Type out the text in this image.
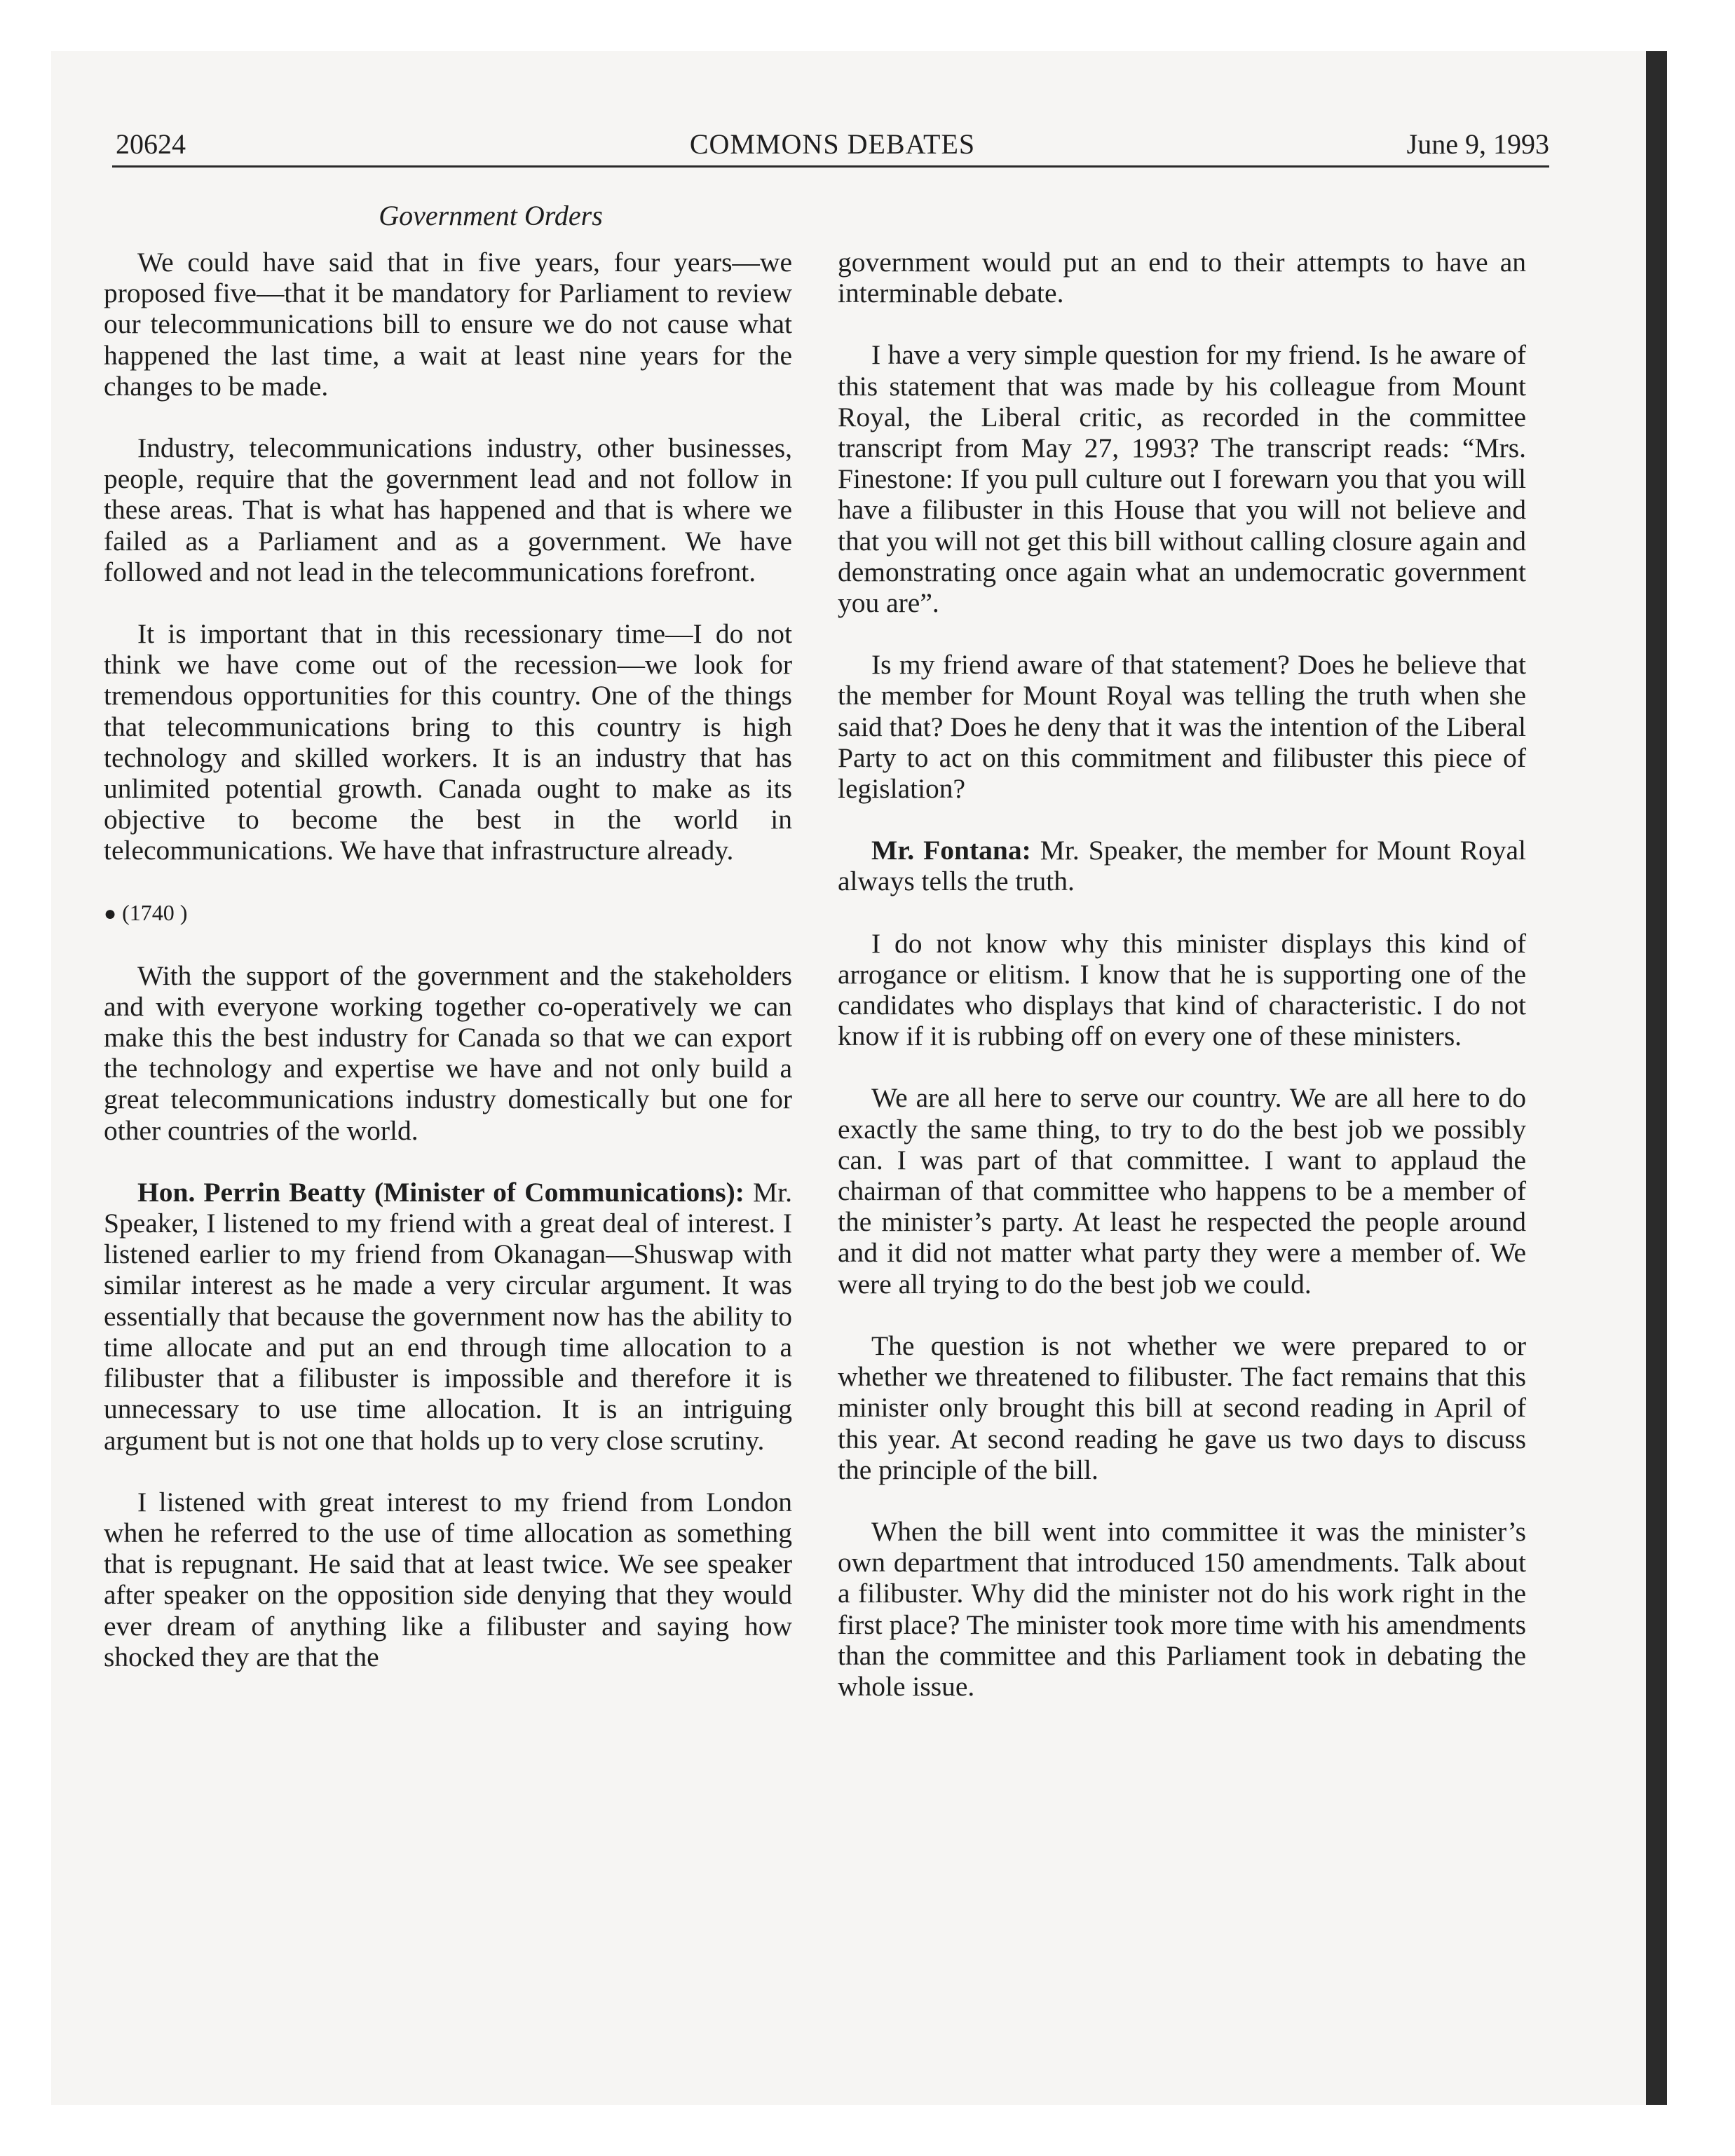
20624	COMMONS DEBATES	June 9, 1993
Government Orders

We could have said that in five years, four years—we proposed five—that it be mandatory for Parliament to review our telecommunications bill to ensure we do not cause what happened the last time, a wait at least nine years for the changes to be made.

Industry, telecommunications industry, other businesses, people, require that the government lead and not follow in these areas. That is what has happened and that is where we failed as a Parliament and as a government. We have followed and not lead in the telecommunications forefront.

It is important that in this recessionary time—I do not think we have come out of the recession—we look for tremendous opportunities for this country. One of the things that telecommunications bring to this country is high technology and skilled workers. It is an industry that has unlimited potential growth. Canada ought to make as its objective to become the best in the world in telecommunications. We have that infrastructure already.

● (1740 )

With the support of the government and the stakeholders and with everyone working together co-operatively we can make this the best industry for Canada so that we can export the technology and expertise we have and not only build a great telecommunications industry domestically but one for other countries of the world.

Hon. Perrin Beatty (Minister of Communications): Mr. Speaker, I listened to my friend with a great deal of interest. I listened earlier to my friend from Okanagan—Shuswap with similar interest as he made a very circular argument. It was essentially that because the government now has the ability to time allocate and put an end through time allocation to a filibuster that a filibuster is impossible and therefore it is unnecessary to use time allocation. It is an intriguing argument but is not one that holds up to very close scrutiny.

I listened with great interest to my friend from London when he referred to the use of time allocation as something that is repugnant. He said that at least twice. We see speaker after speaker on the opposition side denying that they would ever dream of anything like a filibuster and saying how shocked they are that the

government would put an end to their attempts to have an interminable debate.

I have a very simple question for my friend. Is he aware of this statement that was made by his colleague from Mount Royal, the Liberal critic, as recorded in the committee transcript from May 27, 1993? The transcript reads: “Mrs. Finestone: If you pull culture out I forewarn you that you will have a filibuster in this House that you will not believe and that you will not get this bill without calling closure again and demonstrating once again what an undemocratic government you are”.

Is my friend aware of that statement? Does he believe that the member for Mount Royal was telling the truth when she said that? Does he deny that it was the intention of the Liberal Party to act on this commitment and filibuster this piece of legislation?

Mr. Fontana: Mr. Speaker, the member for Mount Royal always tells the truth.

I do not know why this minister displays this kind of arrogance or elitism. I know that he is supporting one of the candidates who displays that kind of characteristic. I do not know if it is rubbing off on every one of these ministers.

We are all here to serve our country. We are all here to do exactly the same thing, to try to do the best job we possibly can. I was part of that committee. I want to applaud the chairman of that committee who happens to be a member of the minister’s party. At least he respected the people around and it did not matter what party they were a member of. We were all trying to do the best job we could.

The question is not whether we were prepared to or whether we threatened to filibuster. The fact remains that this minister only brought this bill at second reading in April of this year. At second reading he gave us two days to discuss the principle of the bill.

When the bill went into committee it was the minister’s own department that introduced 150 amendments. Talk about a filibuster. Why did the minister not do his work right in the first place? The minister took more time with his amendments than the committee and this Parliament took in debating the whole issue.
